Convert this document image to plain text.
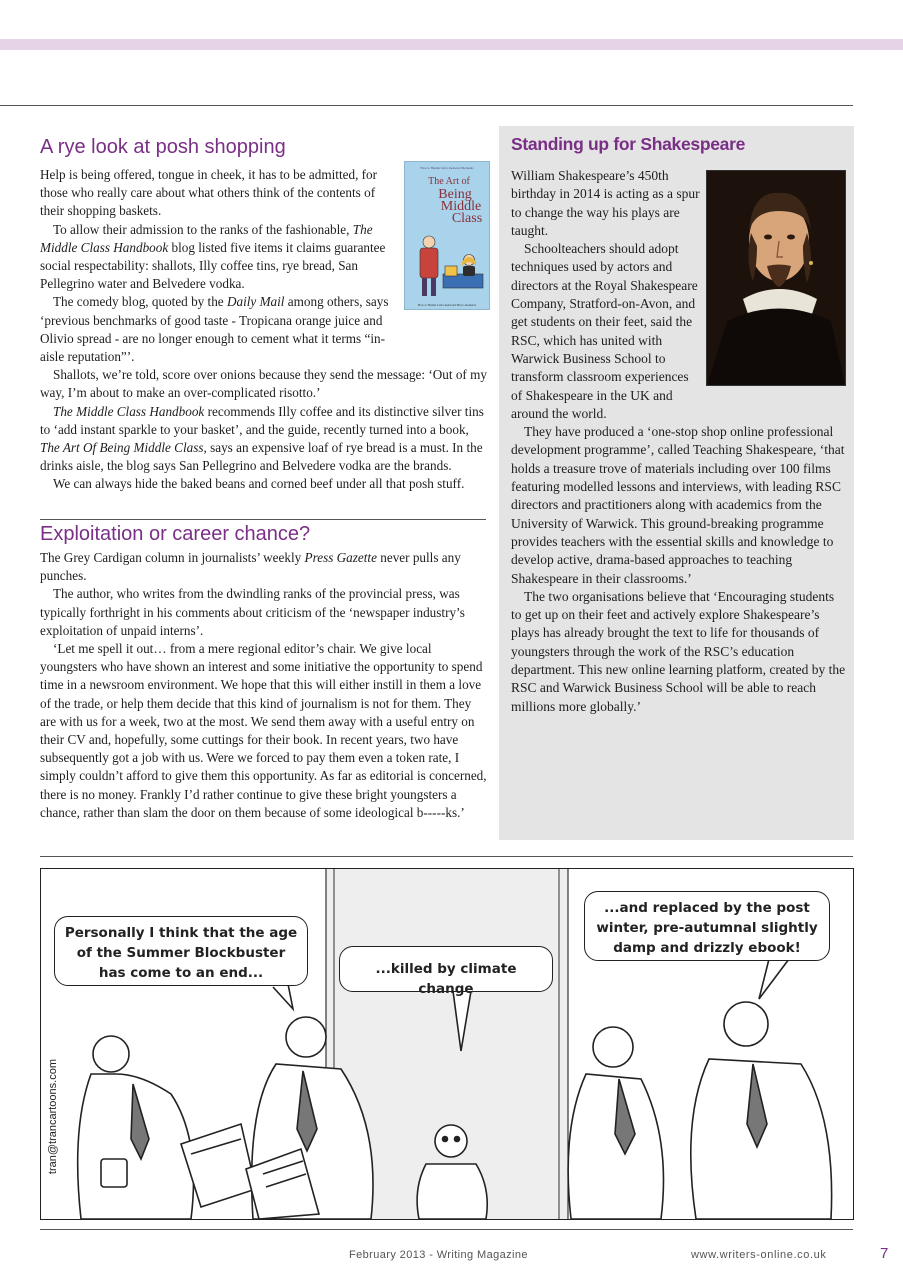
A rye look at posh shopping

Help is being offered, tongue in cheek, it has to be admitted, for those who really care about what others think of the contents of their shopping baskets.

To allow their admission to the ranks of the fashionable, The Middle Class Handbook blog listed five items it claims guarantee social respectability: shallots, Illy coffee tins, rye bread, San Pellegrino water and Belvedere vodka.

The comedy blog, quoted by the Daily Mail among others, says ‘previous benchmarks of good taste - Tropicana orange juice and Olivio spread - are no longer enough to cement what it terms “in-aisle reputation”’.

Shallots, we’re told, score over onions because they send the message: ‘Out of my way, I’m about to make an over-complicated risotto.’

The Middle Class Handbook recommends Illy coffee and its distinctive silver tins to ‘add instant sparkle to your basket’, and the guide, recently turned into a book, The Art Of Being Middle Class, says an expensive loaf of rye bread is a must. In the drinks aisle, the blog says San Pellegrino and Belvedere vodka are the brands.

We can always hide the baked beans and corned beef under all that posh stuff.

How to Handle Life's Awkward Moments
The Art of
Being
Middle
Class
How to Handle Life's Awkward Micro-moments
Exploitation or career chance?

The Grey Cardigan column in journalists’ weekly Press Gazette never pulls any punches.

The author, who writes from the dwindling ranks of the provincial press, was typically forthright in his comments about criticism of the ‘newspaper industry’s exploitation of unpaid interns’.

‘Let me spell it out… from a mere regional editor’s chair. We give local youngsters who have shown an interest and some initiative the opportunity to spend time in a newsroom environment. We hope that this will either instill in them a love of the trade, or help them decide that this kind of journalism is not for them. They are with us for a week, two at the most. We send them away with a useful entry on their CV and, hopefully, some cuttings for their book. In recent years, two have subsequently got a job with us. Were we forced to pay them even a token rate, I simply couldn’t afford to give them this opportunity. As far as editorial is concerned, there is no money. Frankly I’d rather continue to give these bright youngsters a chance, rather than slam the door on them because of some ideological b-----ks.’

Standing up for Shakespeare

William Shakespeare’s 450th birthday in 2014 is acting as a spur to change the way his plays are taught.

Schoolteachers should adopt techniques used by actors and directors at the Royal Shakespeare Company, Stratford-on-Avon, and get students on their feet, said the RSC, which has united with Warwick Business School to transform classroom experiences of Shakespeare in the UK and around the world.

They have produced a ‘one-stop shop online professional development programme’, called Teaching Shakespeare, ‘that holds a treasure trove of materials including over 100 films featuring modelled lessons and interviews, with leading RSC directors and practitioners along with academics from the University of Warwick. This ground-breaking programme provides teachers with the essential skills and knowledge to develop active, drama-based approaches to teaching Shakespeare in their classrooms.’

The two organisations believe that ‘Encouraging students to get up on their feet and actively explore Shakespeare’s plays has already brought the text to life for thousands of youngsters through the work of the RSC’s education department. This new online learning platform, created by the RSC and Warwick Business School will be able to reach millions more globally.’

tran@trancartoons.com
Personally I think that the age of the Summer Blockbuster has come to an end...	...killed by climate change
...and replaced by the post winter, pre-autumnal slightly damp and drizzly ebook!
February 2013 - Writing Magazine	www.writers-online.co.uk	7
